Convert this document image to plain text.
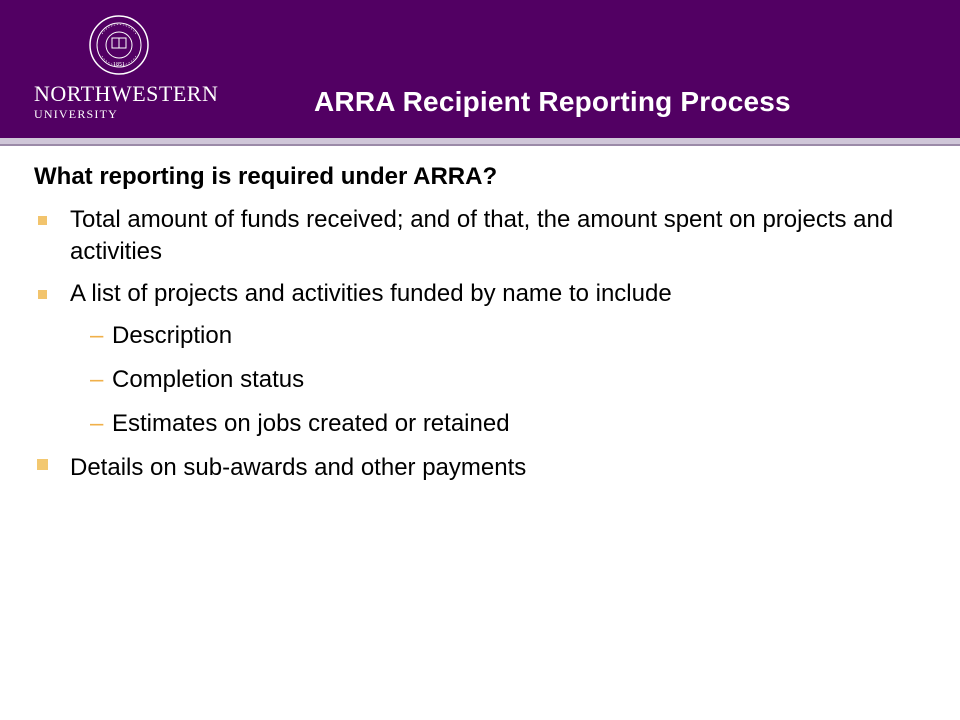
1851
NORTHWESTERN
UNIVERSITY	ARRA Recipient Reporting Process
What reporting is required under ARRA?
Total amount of funds received; and of that, the amount spent on projects and activities
A list of projects and activities funded by name to include
– Description
– Completion status
– Estimates on jobs created or retained
Details on sub-awards and other payments
